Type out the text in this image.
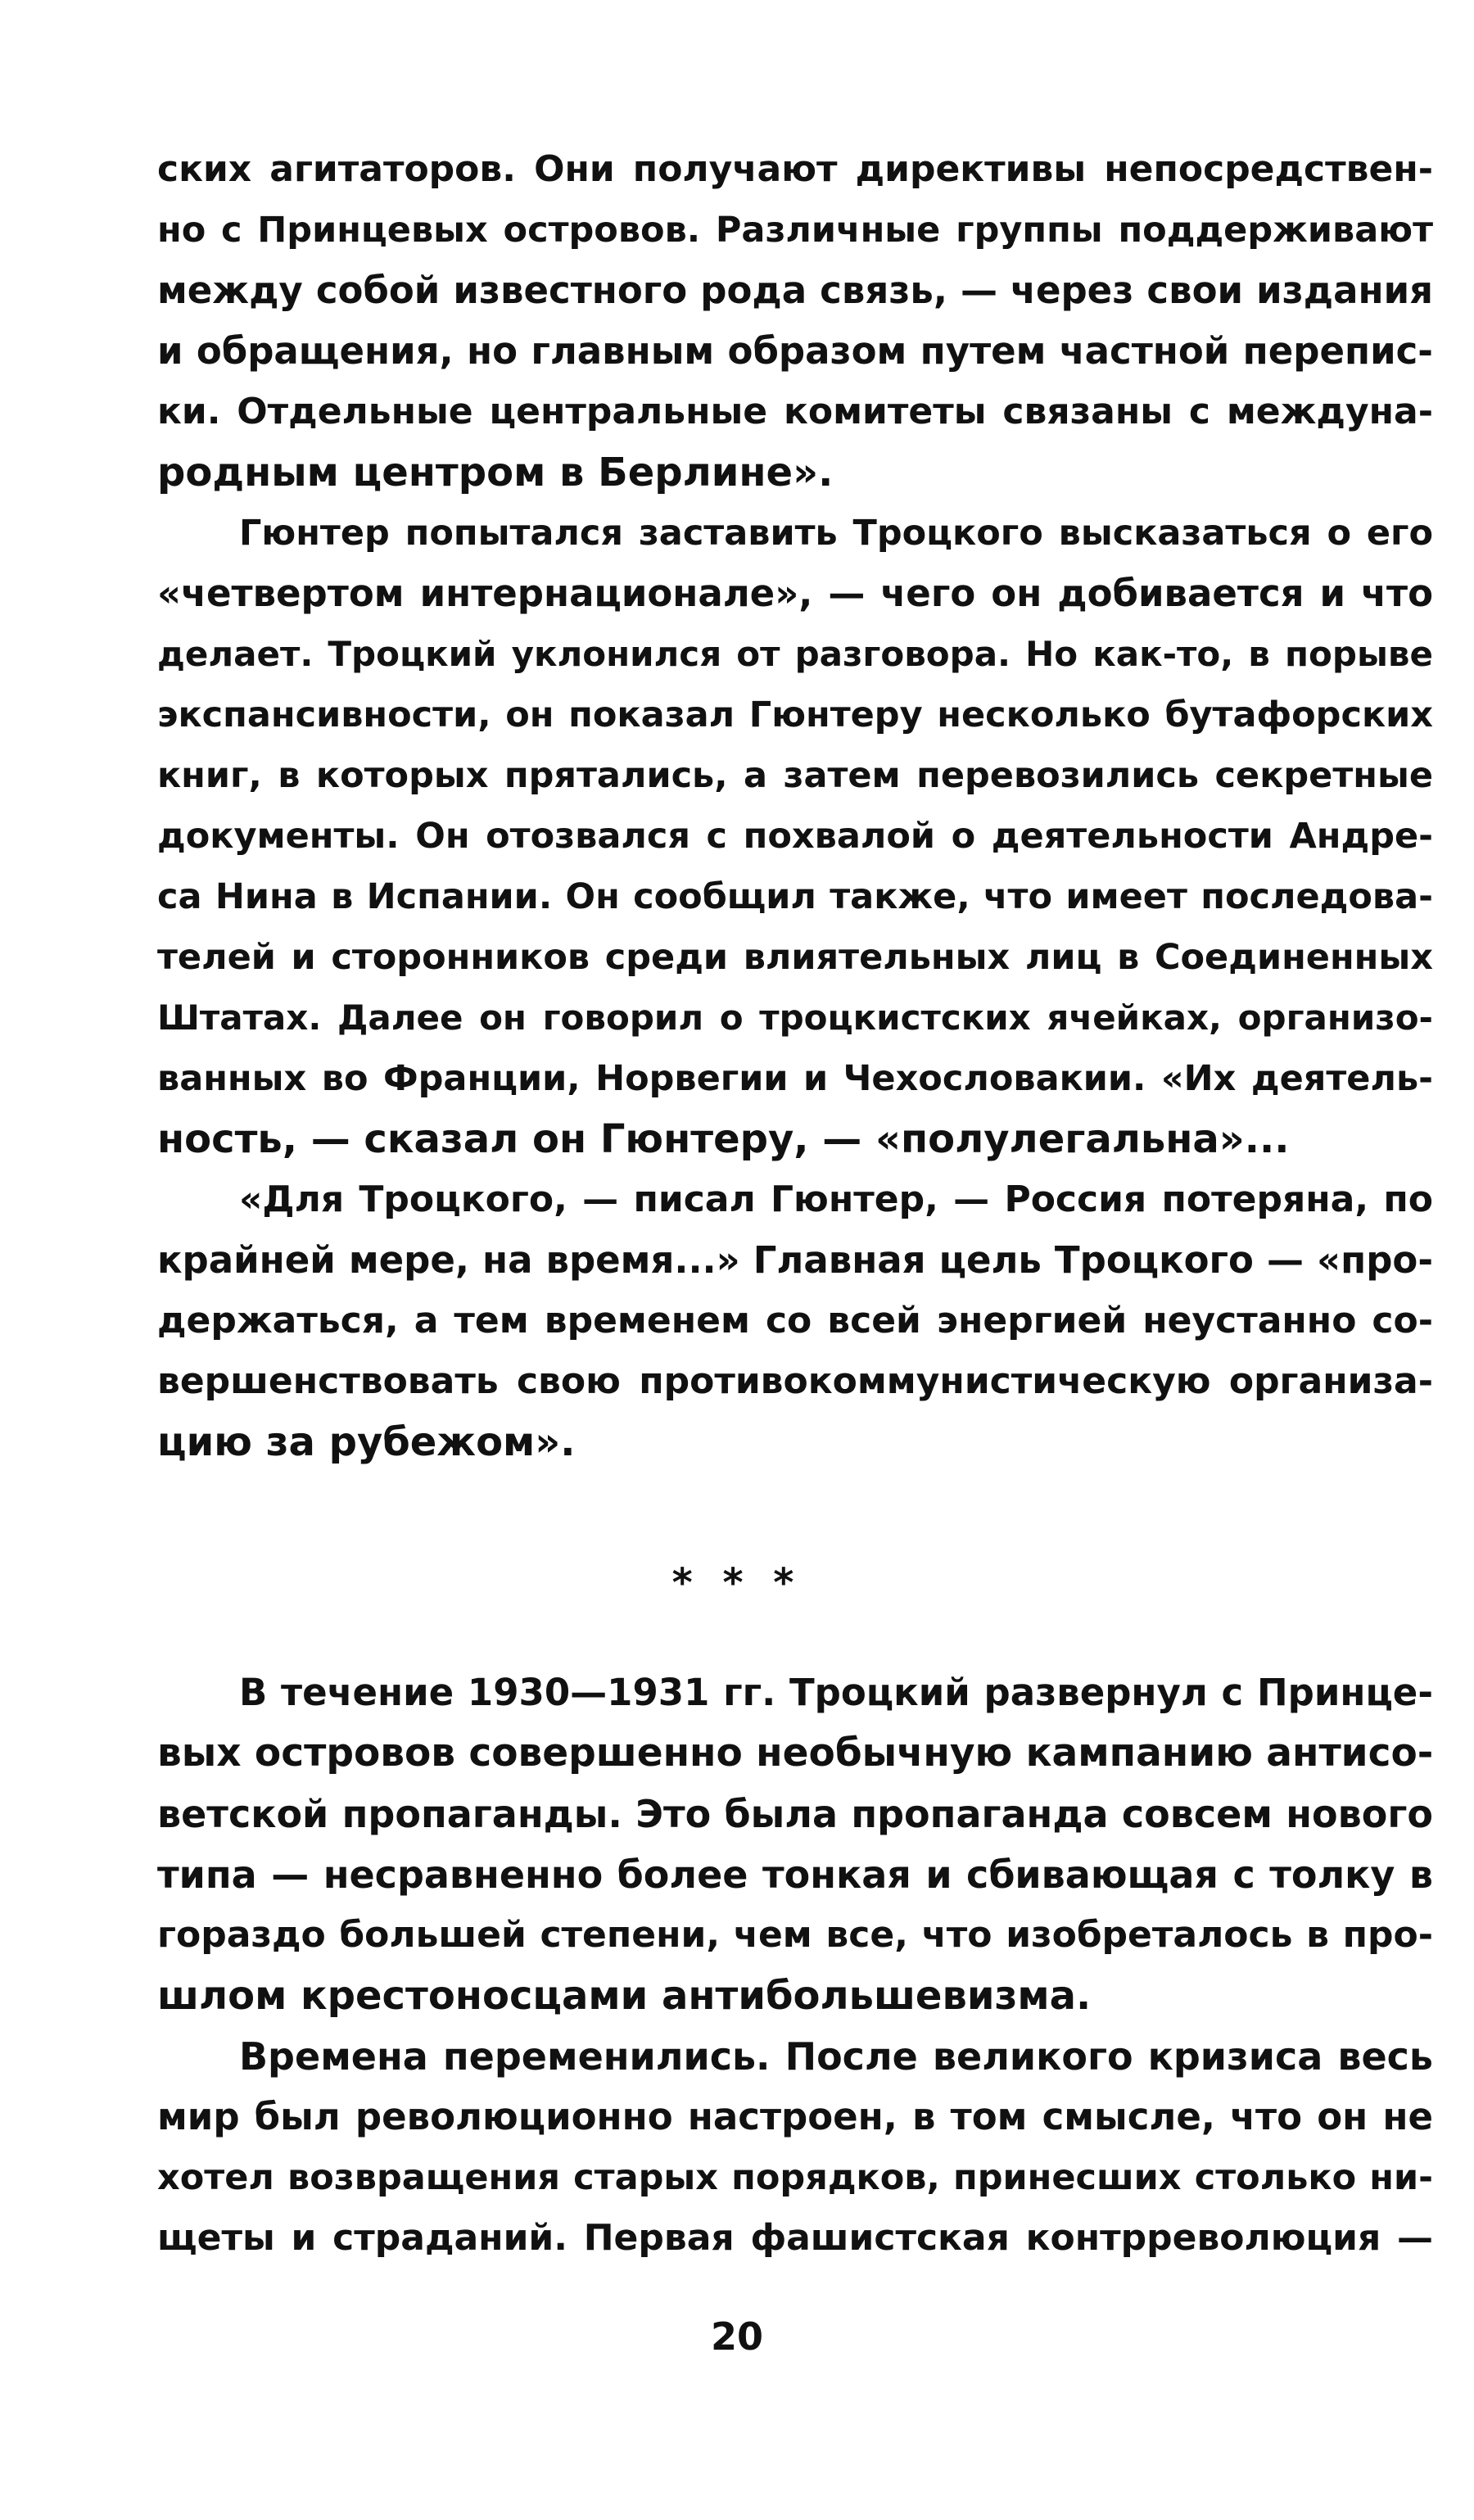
ских агитаторов. Они получают директивы непосредствен-
но с Принцевых островов. Различные группы поддерживают
между собой известного рода связь, — через свои издания
и обращения, но главным образом путем частной перепис-
ки. Отдельные центральные комитеты связаны с междуна-
родным центром в Берлине».
Гюнтер попытался заставить Троцкого высказаться о его
«четвертом интернационале», — чего он добивается и что
делает. Троцкий уклонился от разговора. Но как-то, в порыве
экспансивности, он показал Гюнтеру несколько бутафорских
книг, в которых прятались, а затем перевозились секретные
документы. Он отозвался с похвалой о деятельности Андре-
са Нина в Испании. Он сообщил также, что имеет последова-
телей и сторонников среди влиятельных лиц в Соединенных
Штатах. Далее он говорил о троцкистских ячейках, организо-
ванных во Франции, Норвегии и Чехословакии. «Их деятель-
ность, — сказал он Гюнтеру, — «полулегальна»...
«Для Троцкого, — писал Гюнтер, — Россия потеряна, по
крайней мере, на время...» Главная цель Троцкого — «про-
держаться, а тем временем со всей энергией неустанно со-
вершенствовать свою противокоммунистическую организа-
цию за рубежом».
* * *
В течение 1930—1931 гг. Троцкий развернул с Принце-
вых островов совершенно необычную кампанию антисо-
ветской пропаганды. Это была пропаганда совсем нового
типа — несравненно более тонкая и сбивающая с толку в
гораздо большей степени, чем все, что изобреталось в про-
шлом крестоносцами антибольшевизма.
Времена переменились. После великого кризиса весь
мир был революционно настроен, в том смысле, что он не
хотел возвращения старых порядков, принесших столько ни-
щеты и страданий. Первая фашистская контрреволюция —
20
